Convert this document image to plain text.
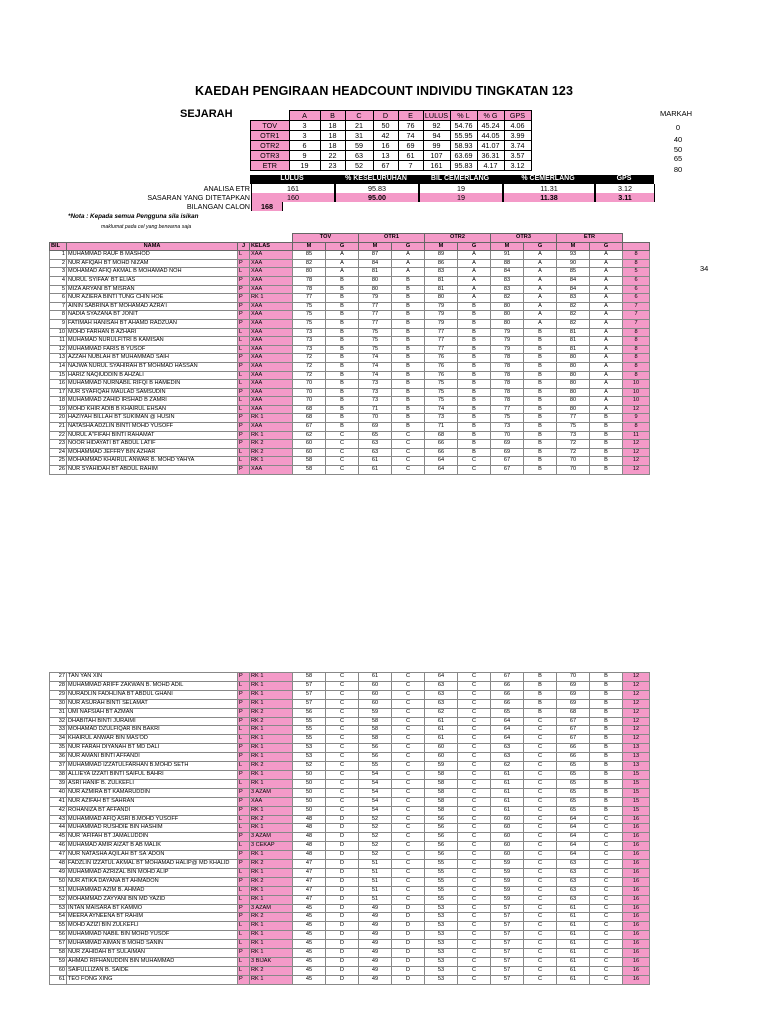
KAEDAH PENGIRAAN HEADCOUNT INDIVIDU TINGKATAN 123
SEJARAH	MARKAH
0
40
50
65
80
34
	A	B	C	D	E	LULUS	% L	% G	GPS
TOV	3	18	21	50	76	92	54.76	45.24	4.06
OTR1	3	18	31	42	74	94	55.95	44.05	3.99
OTR2	6	18	59	16	69	99	58.93	41.07	3.74
OTR3	9	22	63	13	61	107	63.69	36.31	3.57
ETR	19	23	52	67	7	161	95.83	4.17	3.12
LULUS	% KESELURUHAN	BIL CEMERLANG	% CEMERLANG	GPS
ANALISA ETR	161	95.83	19	11.31	3.12
SASARAN YANG DITETAPKAN	160	95.00	19	11.38	3.11
BILANGAN CALON	168
*Nota : Kepada semua Pengguna sila isikan
maklumat pada cel yang berwarna saja
				TOV		OTR1		OTR2		OTR3		ETR		
BIL	NAMA	J	KELAS	M	G	M	G	M	G	M	G	M	G	
1	MUHAMMAD RAUF B MASHOD	L	XAA	85	A	87	A	89	A	91	A	93	A	8
2	NUR AFIQAH BT MOHD NIZAM	P	XAA	82	A	84	A	86	A	88	A	90	A	8
3	MOHAMAD AFIQ AKMAL B MOHAMAD NOH	L	XAA	80	A	81	A	83	A	84	A	85	A	5
4	NURUL SYIFAA' BT ELIAS	P	XAA	78	B	80	B	81	A	83	A	84	A	6
5	MIZA ARYANI BT MISRAN	P	XAA	78	B	80	B	81	A	83	A	84	A	6
6	NUR AZIERA BINTI TUNG CHIN HOE	P	RK 1	77	B	79	B	80	A	82	A	83	A	6
7	AININ SABRINA BT MOHAMAD AZRA'I	P	XAA	75	B	77	B	79	B	80	A	82	A	7
8	NADIA SYAZANA BT JONIT	P	XAA	75	B	77	B	79	B	80	A	82	A	7
9	FATIMAH HANISAH BT AHAMD RADZUAN	P	XAA	75	B	77	B	79	B	80	A	82	A	7
10	MOHD FARHAN B AZHARI	L	XAA	73	B	75	B	77	B	79	B	81	A	8
11	MUHAMAD NURULFITRI B KAMISAN	L	XAA	73	B	75	B	77	B	79	B	81	A	8
12	MUHAMMAD FARIS B YUSOF	L	XAA	73	B	75	B	77	B	79	B	81	A	8
13	AZZAH NUBLAH BT MUHAMMAD SAIH	P	XAA	72	B	74	B	76	B	78	B	80	A	8
14	NAJWA NURUL SYAHIRAH BT MOHMAD HASSAN	P	XAA	72	B	74	B	76	B	78	B	80	A	8
15	HARIZ NAQIUDDIN B AHZALI	L	XAA	72	B	74	B	76	B	78	B	80	A	8
16	MUHAMMAD NURNABIL RIFQI B HAMEDIN	L	XAA	70	B	73	B	75	B	78	B	80	A	10
17	NUR SYAFIQAH MAULAD SAMSUDIN	P	XAA	70	B	73	B	75	B	78	B	80	A	10
18	MUHAMMAD ZAHID IRSHAD B ZAMRI	L	XAA	70	B	73	B	75	B	78	B	80	A	10
19	MOHD KHIR ADIB B KHAIRUL EHSAN	L	XAA	68	B	71	B	74	B	77	B	80	A	12
20	HAZIYAH BILLAH BT SUKIMAN @ HUSIN	P	RK 1	68	B	70	B	73	B	75	B	77	B	9
21	NATASHA ADZLIN BINTI MOHD YUSOFF	P	XAA	67	B	69	B	71	B	73	B	75	B	8
22	NURUL A''FIFAH BINTI RAHAMAT	P	RK 1	62	C	65	C	68	B	70	B	73	B	11
23	NOOR HIDAYATI BT ABDUL LATIF	P	RK 2	60	C	63	C	66	B	69	B	72	B	12
24	MOHAMMAD JEFFRY BIN AZHAR	L	RK 2	60	C	63	C	66	B	69	B	72	B	12
25	MOHAMMAD KHAIRUL ANWAR B. MOHD YAHYA	L	RK 1	58	C	61	C	64	C	67	B	70	B	12
26	NUR SYAHIDAH BT ABDUL RAHIM	P	XAA	58	C	61	C	64	C	67	B	70	B	12
27	TAN YAN XIN	P	RK 1	58	C	61	C	64	C	67	B	70	B	12
28	MUHAMMAD ARIFF ZAKWAN B. MOHD ADIL	L	RK 1	57	C	60	C	63	C	66	B	69	B	12
29	NURADLIN FADHLINA BT ABDUL GHANI	P	RK 1	57	C	60	C	63	C	66	B	69	B	12
30	NUR ASURAH BINTI SELAMAT	P	RK 1	57	C	60	C	63	C	66	B	69	B	12
31	UMI NAFSIAH BT AZMAN	P	RK 2	56	C	59	C	62	C	65	B	68	B	12
32	DHABITAH BINTI JURAIMI	P	RK 2	55	C	58	C	61	C	64	C	67	B	12
33	MOHAMAD DZULFIQAR BIN BAKRI	L	RK 1	55	C	58	C	61	C	64	C	67	B	12
34	KHAIRUL ANWAR BIN MAS'OD	L	RK 1	55	C	58	C	61	C	64	C	67	B	12
35	NUR FARAH DIYANAH BT MD DALI	P	RK 1	53	C	56	C	60	C	63	C	66	B	13
36	NUR AMANI BINTI AFFANDI	P	RK 1	53	C	56	C	60	C	63	C	66	B	13
37	MUHAMMAD IZZATULFARHAN B.MOHD SETH	L	RK 2	52	C	55	C	59	C	62	C	65	B	13
38	ALLIEYA IZZATI BINTI SAIFUL BAHRI	P	RK 1	50	C	54	C	58	C	61	C	65	B	15
39	ASRI HANIF B. ZULKEFLI	L	RK 1	50	C	54	C	58	C	61	C	65	B	15
40	NUR AZMIRA BT KAMARUDDIN	P	3 AZAM	50	C	54	C	58	C	61	C	65	B	15
41	NUR AZIFAH BT SAHRAN	P	XAA	50	C	54	C	58	C	61	C	65	B	15
42	ROHANIZA BT AFFANDI	P	RK 1	50	C	54	C	58	C	61	C	65	B	15
43	MUHAMMAD AFIQ ASRI B.MOHD YUSOFF	L	RK 2	48	D	52	C	56	C	60	C	64	C	16
44	MUHAMMAD RUSHDIE BIN HASHIM	L	RK 1	48	D	52	C	56	C	60	C	64	C	16
45	NUR 'AFIFAH BT JAMALUDDIN	P	3 AZAM	48	D	52	C	56	C	60	C	64	C	16
46	MUHAMAD AMIR AIZAT B AB MALIK	L	3 CEKAP	48	D	52	C	56	C	60	C	64	C	16
47	NUR NATASHA AQILAH BT SA`ADON	P	RK 1	48	D	52	C	56	C	60	C	64	C	16
48	FADZLIN IZZATUL AKMAL BT MOHAMAD HALIP@ MD KHALID	P	RK 2	47	D	51	C	55	C	59	C	63	C	16
49	MUHAMMAD AZRIZAL BIN MOHD ALIP	L	RK 1	47	D	51	C	55	C	59	C	63	C	16
50	NUR ATIKA DAYANA BT AHMADON	P	RK 2	47	D	51	C	55	C	59	C	63	C	16
51	MUHAMMAD AZIM B. AHMAD	L	RK 1	47	D	51	C	55	C	59	C	63	C	16
52	MOHAMMAD ZAYYANI BIN MD YAZID	L	RK 1	47	D	51	C	55	C	59	C	63	C	16
53	INTAN MAISARA BT KAMMO	P	3 AZAM	45	D	49	D	53	C	57	C	61	C	16
54	MEERA AYNEENA BT RAHIM	P	RK 2	45	D	49	D	53	C	57	C	61	C	16
55	MOHD AZIZI BIN ZULKEFLI	L	RK 1	45	D	49	D	53	C	57	C	61	C	16
56	MUHAMMAD NABIL BIN MOHD YUSOF	L	RK 1	45	D	49	D	53	C	57	C	61	C	16
57	MUHAMMAD AIMAN B MOHD SANIN	L	RK 1	45	D	49	D	53	C	57	C	61	C	16
58	NUR ZAHIDAH BT SULAIMAN	P	RK 1	45	D	49	D	53	C	57	C	61	C	16
59	AHMAD RIFHANUDDIN BIN MUHAMMAD	L	3 BIJAK	45	D	49	D	53	C	57	C	61	C	16
60	SAIFULLIZAN B. SAIDE	L	RK 2	45	D	49	D	53	C	57	C	61	C	16
61	TEO FONG XING	P	RK 1	45	D	49	D	53	C	57	C	61	C	16
